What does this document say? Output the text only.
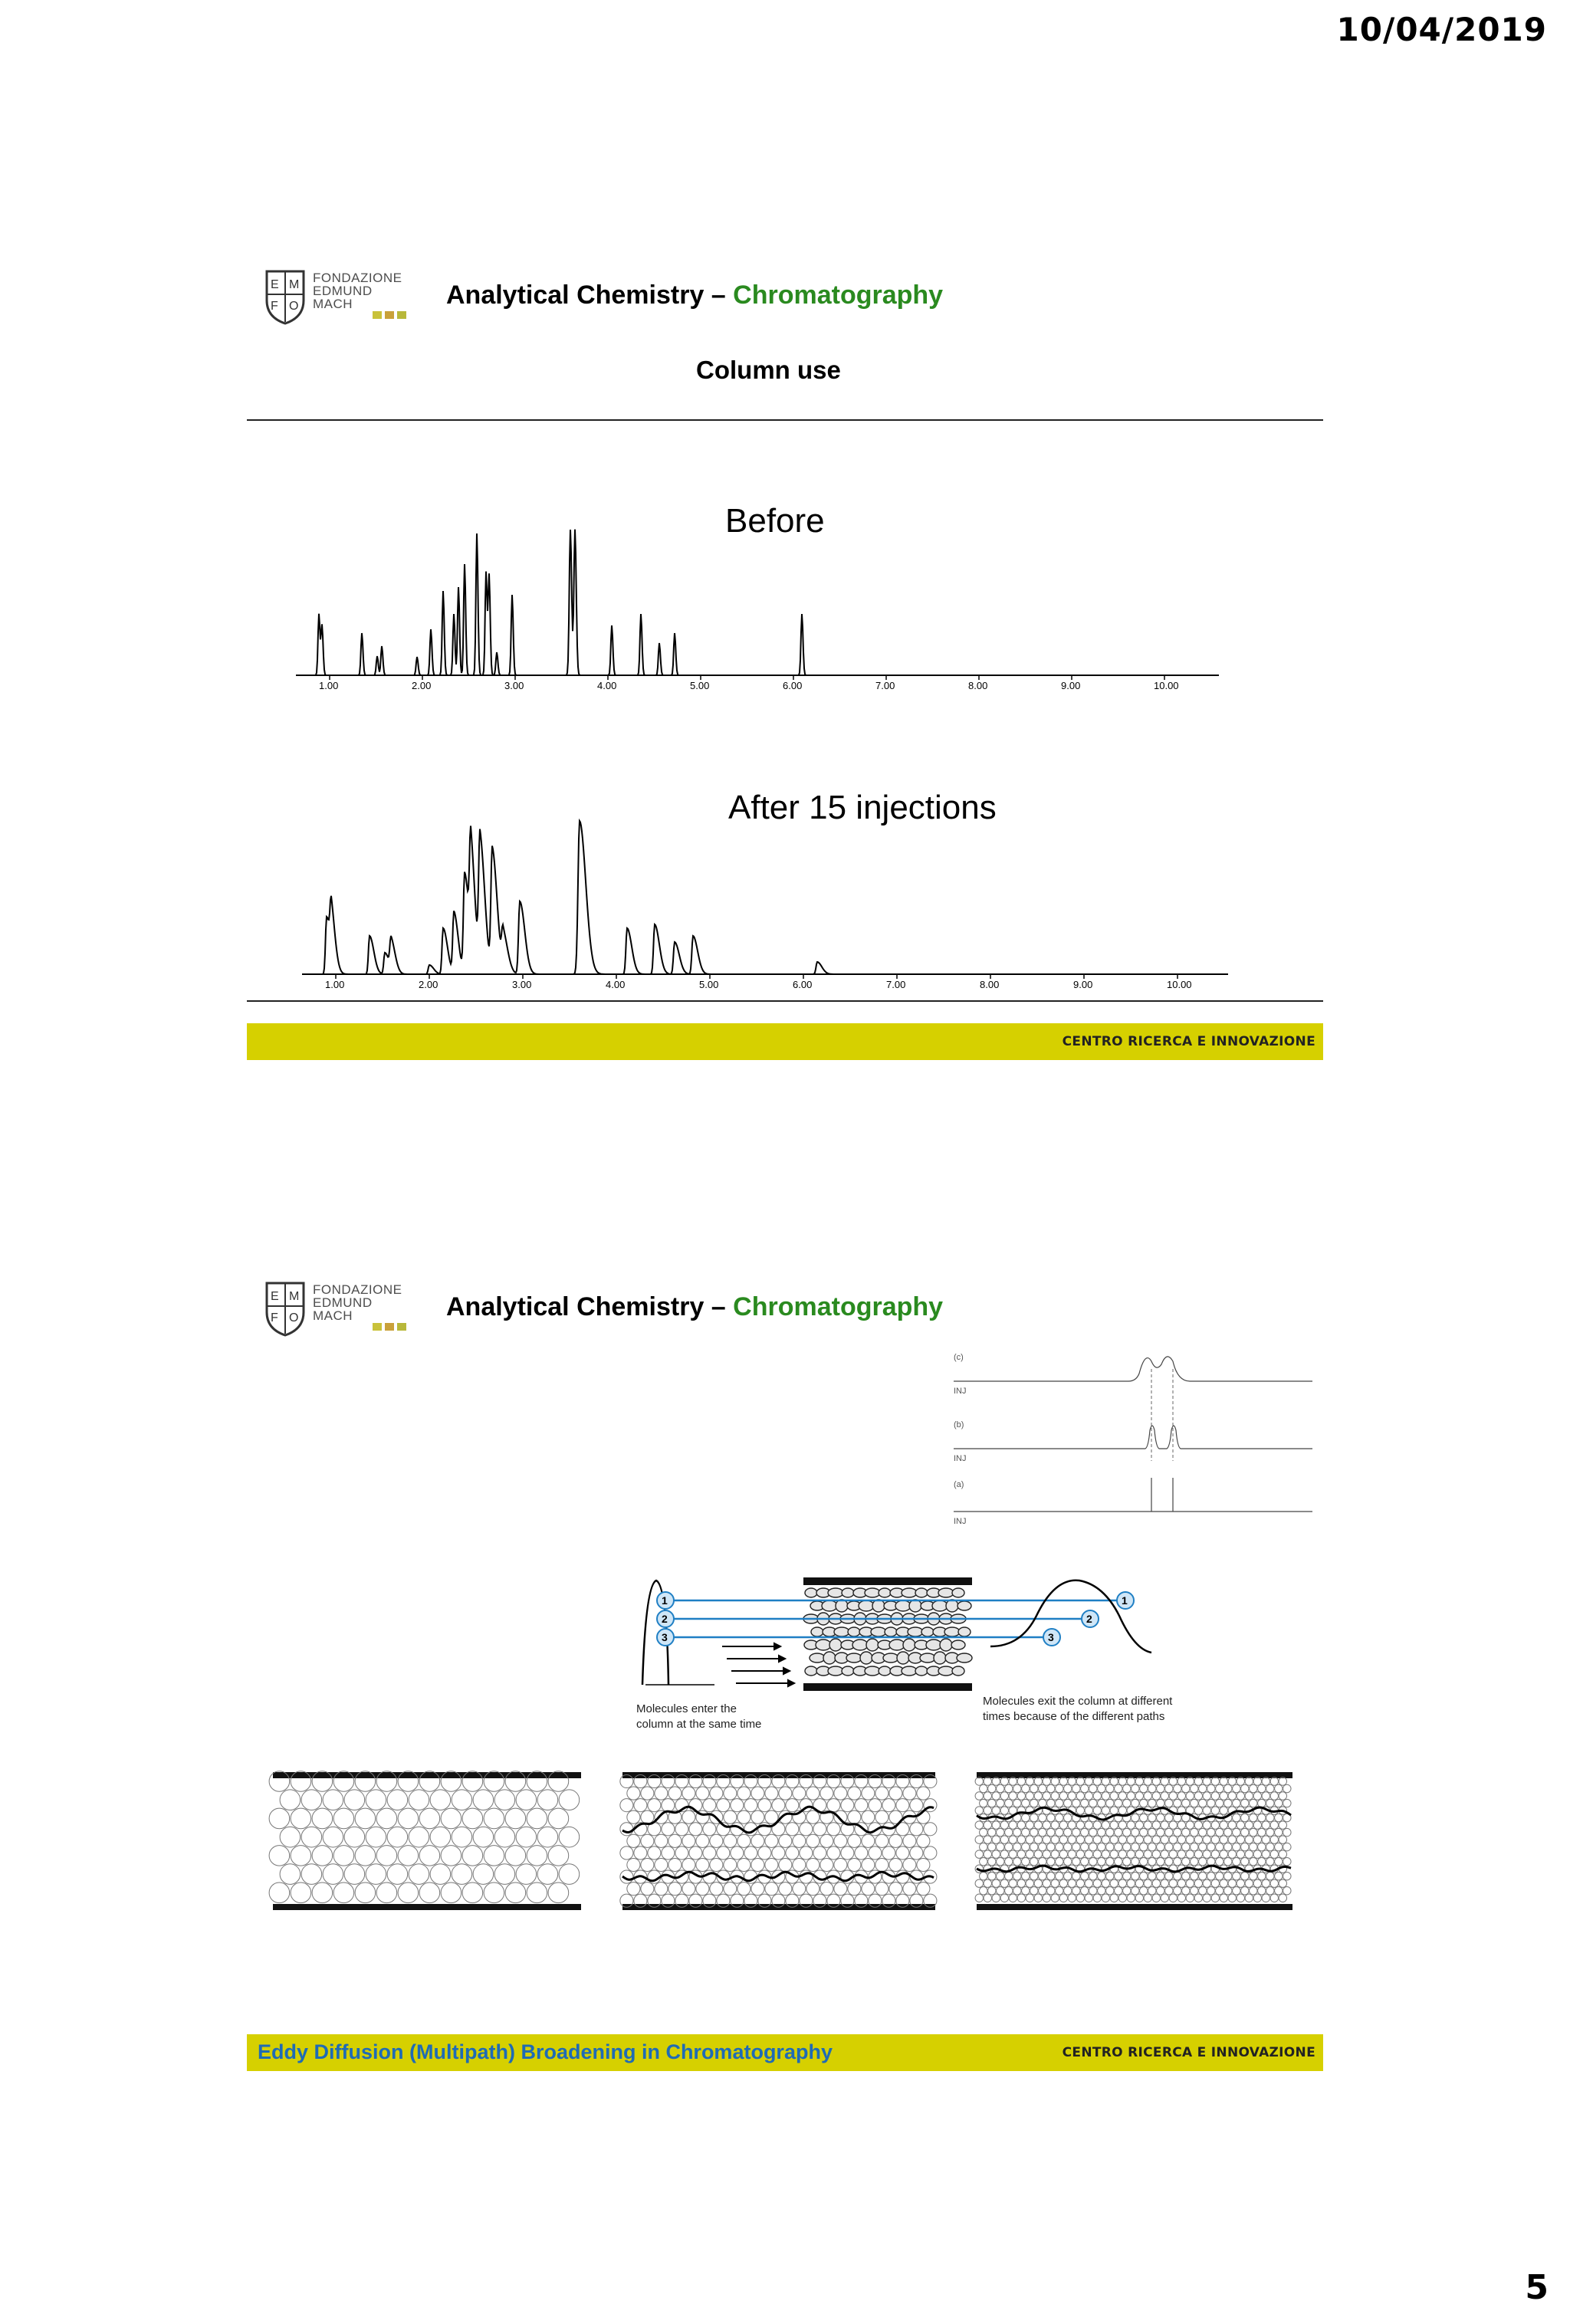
10/04/2019
E M
F O
FONDAZIONE
EDMUND
MACH	Analytical Chemistry – Chromatography
Column use
1.00	2.00	3.00	4.00	5.00	6.00	7.00	8.00	9.00	10.00
1.00	2.00	3.00	4.00	5.00	6.00	7.00	8.00	9.00	10.00
Before
After 15 injections
CENTRO RICERCA E INNOVAZIONE
E M
F O
FONDAZIONE
EDMUND
MACH	Analytical Chemistry – Chromatography
(c)
INJ
(b)
INJ
(a)
INJ
1	1
2	2
3	3
Molecules enter the
column at the same time
Molecules exit the column at different
times because of the different paths
Eddy Diffusion (Multipath) Broadening in Chromatography	CENTRO RICERCA E INNOVAZIONE
5
